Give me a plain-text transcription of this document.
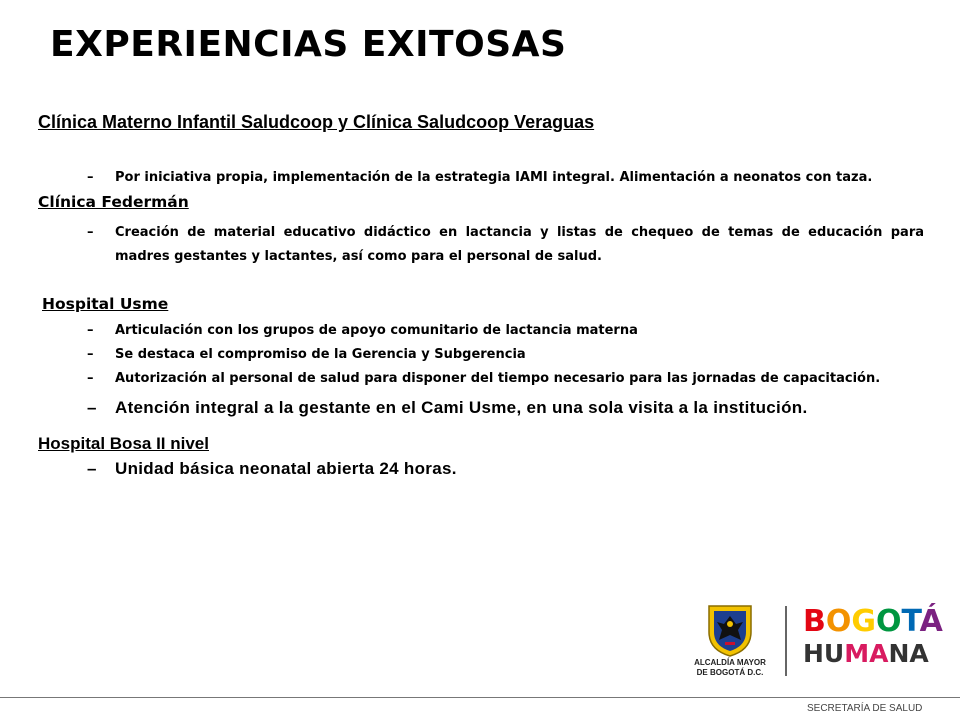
EXPERIENCIAS EXITOSAS
Clínica Materno Infantil Saludcoop y Clínica Saludcoop Veraguas
– Por iniciativa propia, implementación de la estrategia IAMI integral. Alimentación a neonatos con taza.
Clínica Federmán
– Creación de material educativo didáctico en lactancia y listas de chequeo de temas de educación para madres gestantes y lactantes, así como para el personal de salud.
Hospital Usme
– Articulación con los grupos de apoyo comunitario de lactancia materna
– Se destaca el compromiso de la Gerencia y Subgerencia
– Autorización al personal de salud para disponer del tiempo necesario para las jornadas de capacitación.
– Atención integral a la gestante en el Cami Usme, en una sola visita a la institución.
Hospital Bosa II nivel
– Unidad básica neonatal abierta 24 horas.
ALCALDÍA MAYOR
DE BOGOTÁ D.C.
BOGOTÁ
HUMANA
SECRETARÍA DE SALUD
